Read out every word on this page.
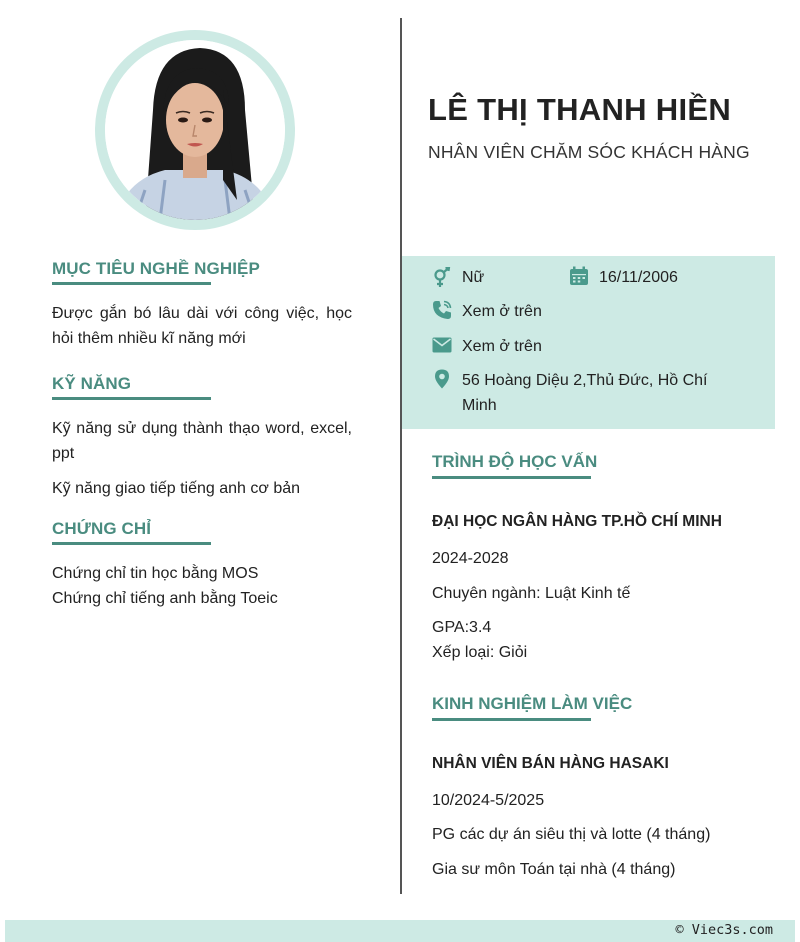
MỤC TIÊU NGHỀ NGHIỆP
Được gắn bó lâu dài với công việc, học hỏi thêm nhiều kĩ năng mới
KỸ NĂNG
Kỹ năng sử dụng thành thạo word, excel, ppt
Kỹ năng giao tiếp tiếng anh cơ bản
CHỨNG CHỈ
Chứng chỉ tin học bằng MOS
Chứng chỉ tiếng anh bằng Toeic
LÊ THỊ THANH HIỀN
NHÂN VIÊN CHĂM SÓC KHÁCH HÀNG
Nữ	16/11/2006
Xem ở trên
Xem ở trên
56 Hoàng Diệu 2,Thủ Đức, Hồ Chí Minh
TRÌNH ĐỘ HỌC VẤN
ĐẠI HỌC NGÂN HÀNG TP.HỒ CHÍ MINH
2024-2028
Chuyên ngành: Luật Kinh tế
GPA:3.4
Xếp loại: Giỏi
KINH NGHIỆM LÀM VIỆC
NHÂN VIÊN BÁN HÀNG HASAKI
10/2024-5/2025
PG các dự án siêu thị và lotte (4 tháng)
Gia sư môn Toán tại nhà (4 tháng)
© Viec3s.com
